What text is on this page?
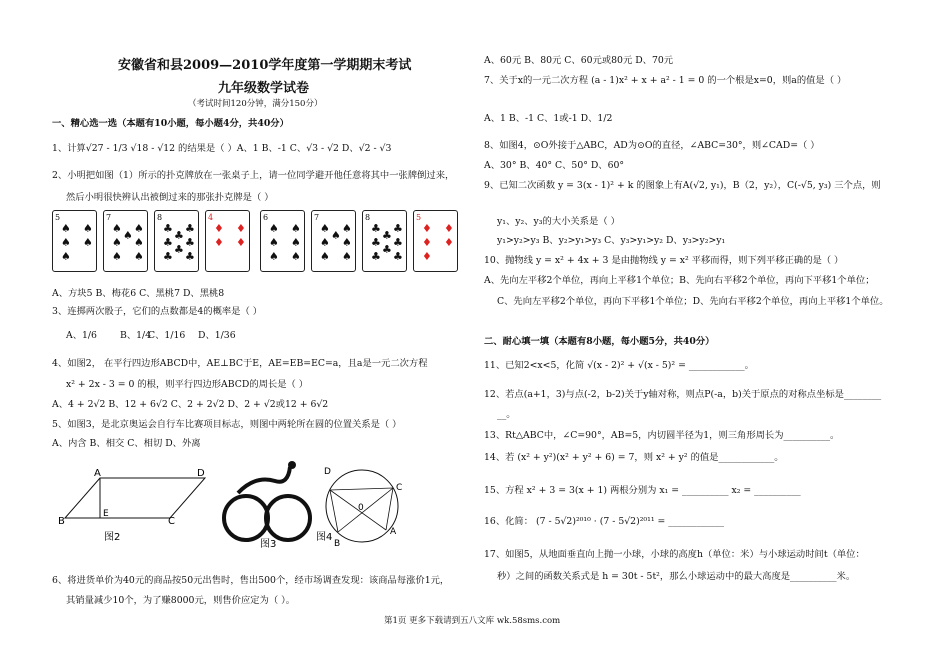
安徽省和县2009—2010学年度第一学期期末考试
九年级数学试卷
（考试时间120分钟，满分150分）
一、精心选一选（本题有10小题，每小题4分，共40分）
1、计算√27 - 1/3 √18 - √12 的结果是（ ）A、1 B、-1 C、√3 - √2 D、√2 - √3
2、小明把如图（1）所示的扑克牌放在一张桌子上，请一位同学避开他任意将其中一张牌倒过来，
然后小明很快辨认出被倒过来的那张扑克牌是（ ）
5
♠ ♠
♠ ♠
♠
7
♠ ♠
♠ ♠
♠ ♠
♠
8
♣ ♣
♣ ♣
♣ ♣
♣
♣
4
♦ ♦
♦ ♦
6
♠ ♠
♠ ♠
♠ ♠
7
♠ ♠
♠ ♠
♠ ♠
♠
8
♣ ♣
♣ ♣
♣ ♣
♣
♣
5
♦ ♦
♦ ♦
♦
A、方块5 B、梅花6 C、黑桃7 D、黑桃8
3、连掷两次骰子，它们的点数都是4的概率是（ ）
A、1/6 B、1/4
C、1/16 D、1/36
4、如图2， 在平行四边形ABCD中，AE⊥BC于E，AE=EB=EC=a，且a是一元二次方程
x² + 2x - 3 = 0 的根，则平行四边形ABCD的周长是（ ）
A、4 + 2√2 B、12 + 6√2 C、2 + 2√2 D、2 + √2或12 + 6√2
5、如图3，是北京奥运会自行车比赛项目标志，则图中两轮所在圆的位置关系是（ ）
A、内含 B、相交 C、相切 D、外离
A
B	C
D
E
图2
图3
D
C
0
A
B
图4
6、将进货单价为40元的商品按50元出售时，售出500个，经市场调查发现：该商品每涨价1元，
其销量减少10个，为了赚8000元，则售价应定为（ ）。
A、60元 B、80元 C、60元或80元 D、70元
7、关于x的一元二次方程 (a - 1)x² + x + a² - 1 = 0 的一个根是x=0，则a的值是（ ）
A、1 B、-1 C、1或-1 D、1/2
8、如图4，⊙O外接于△ABC，AD为⊙O的直径，∠ABC=30°，则∠CAD=（ ）
A、30° B、40° C、50° D、60°
9、已知二次函数 y = 3(x - 1)² + k 的图象上有A(√2, y₁)，B（2，y₂），C(-√5, y₃) 三个点，则
y₁、y₂、y₃的大小关系是（ ）
y₁>y₂>y₃ B、y₂>y₁>y₃ C、y₃>y₁>y₂ D、y₃>y₂>y₁
10、抛物线 y = x² + 4x + 3 是由抛物线 y = x² 平移而得，则下列平移正确的是（ ）
A、先向左平移2个单位，再向上平移1个单位；B、先向右平移2个单位，再向下平移1个单位；
C、先向左平移2个单位，再向下平移1个单位；D、先向右平移2个单位，再向上平移1个单位。
二、耐心填一填（本题有8小题，每小题5分，共40分）
11、已知2<x<5，化简 √(x - 2)² + √(x - 5)² = ____________。
12、若点(a+1，3)与点(-2，b-2)关于y轴对称，则点P(-a，b)关于原点的对称点坐标是________
__。
13、Rt△ABC中，∠C=90°，AB=5，内切圆半径为1，则三角形周长为__________。
14、若 (x² + y²)(x² + y² + 6) = 7，则 x² + y² 的值是____________。
15、方程 x² + 3 = 3(x + 1) 两根分别为 x₁ = __________ x₂ = __________
16、化简： (7 - 5√2)²⁰¹⁰ · (7 - 5√2)²⁰¹¹ = ____________
17、如图5，从地面垂直向上抛一小球，小球的高度h（单位：米）与小球运动时间t（单位：
秒）之间的函数关系式是 h = 30t - 5t²，那么小球运动中的最大高度是__________米。
第1页 更多下载请到五八文库 wk.58sms.com
